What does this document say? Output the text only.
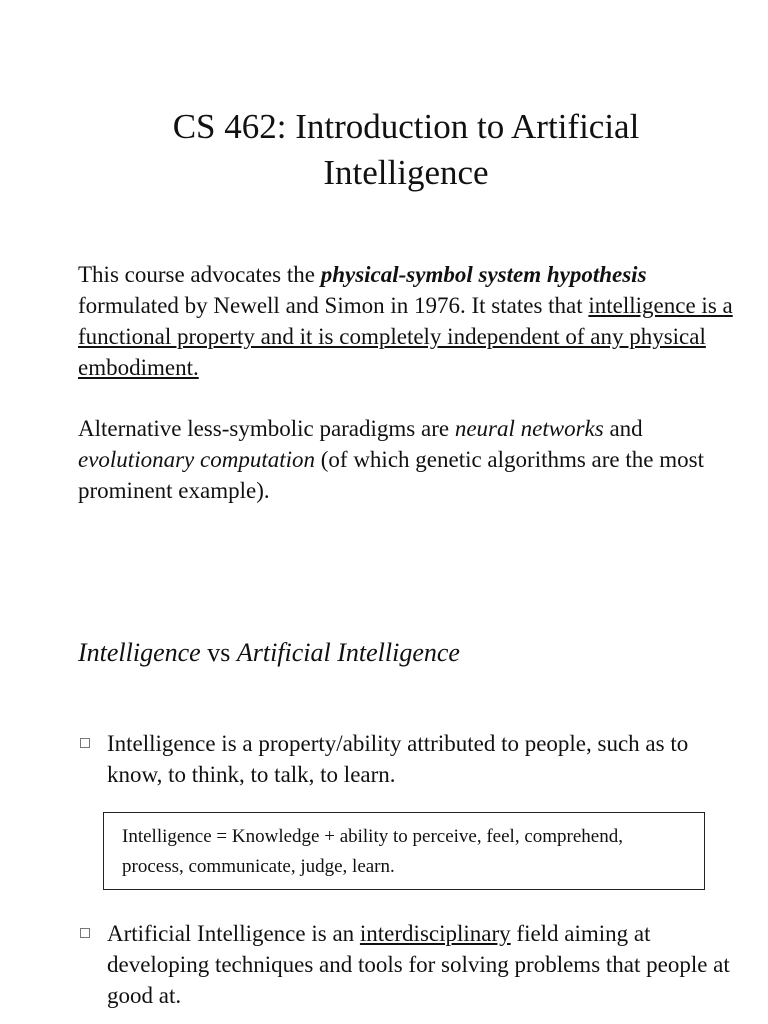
CS 462: Introduction to Artificial
Intelligence

This course advocates the physical-symbol system hypothesis formulated by Newell and Simon in 1976. It states that intelligence is a functional property and it is completely independent of any physical embodiment.

Alternative less-symbolic paradigms are neural networks and evolutionary computation (of which genetic algorithms are the most prominent example).

Intelligence vs Artificial Intelligence
Intelligence is a property/ability attributed to people, such as to know, to think, to talk, to learn.
Intelligence = Knowledge + ability to perceive, feel, comprehend, process, communicate, judge, learn.
Artificial Intelligence is an interdisciplinary field aiming at developing techniques and tools for solving problems that people at good at.
